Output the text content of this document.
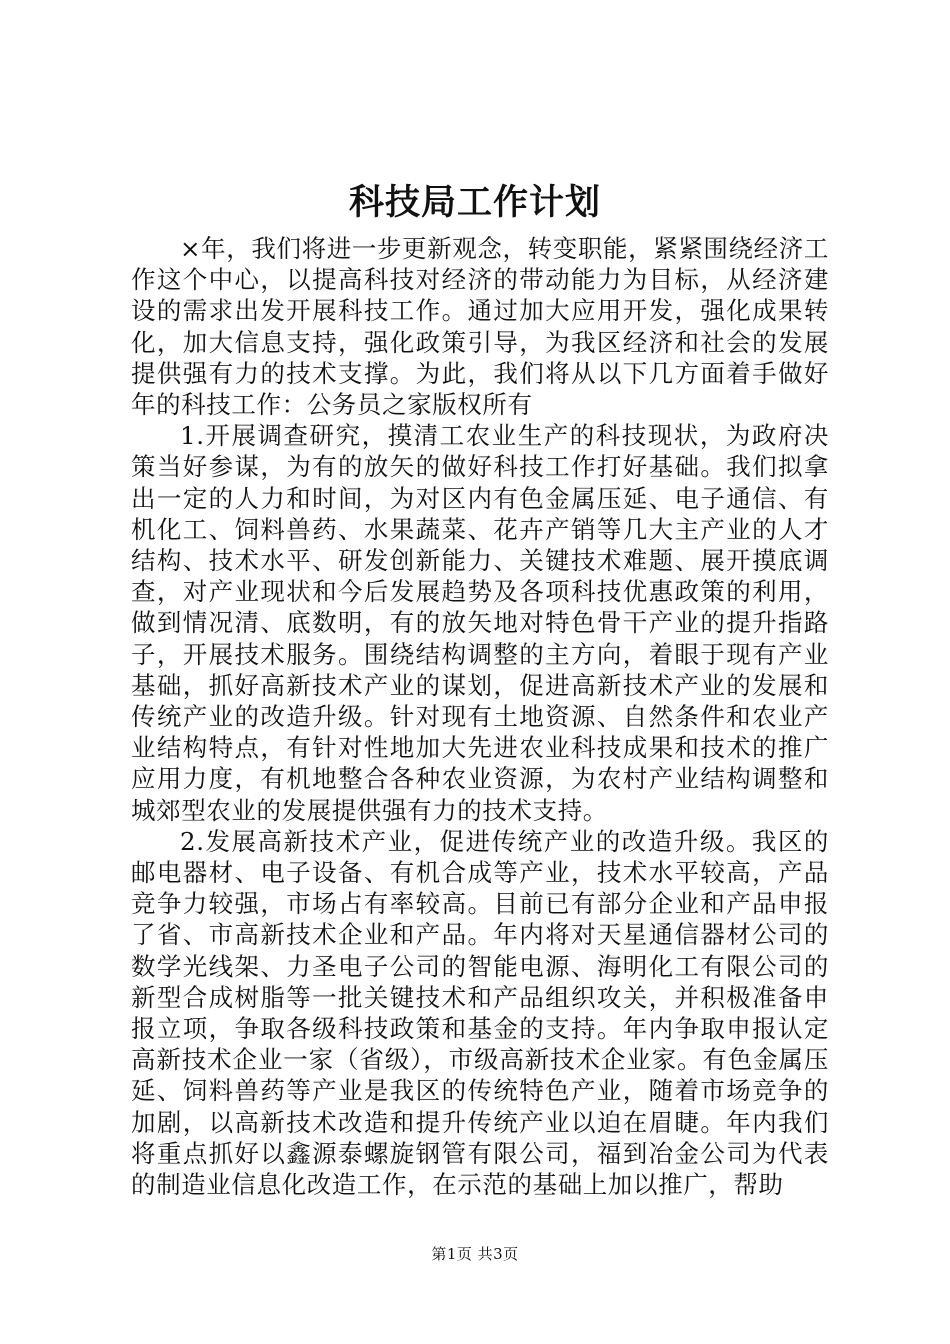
科技局工作计划

×年，我们将进一步更新观念，转变职能，紧紧围绕经济工作这个中心，以提高科技对经济的带动能力为目标，从经济建设的需求出发开展科技工作。通过加大应用开发，强化成果转化，加大信息支持，强化政策引导，为我区经济和社会的发展提供强有力的技术支撑。为此，我们将从以下几方面着手做好年的科技工作：公务员之家版权所有

1.开展调查研究，摸清工农业生产的科技现状，为政府决策当好参谋，为有的放矢的做好科技工作打好基础。我们拟拿出一定的人力和时间，为对区内有色金属压延、电子通信、有机化工、饲料兽药、水果蔬菜、花卉产销等几大主产业的人才结构、技术水平、研发创新能力、关键技术难题、展开摸底调查，对产业现状和今后发展趋势及各项科技优惠政策的利用，做到情况清、底数明，有的放矢地对特色骨干产业的提升指路子，开展技术服务。围绕结构调整的主方向，着眼于现有产业基础，抓好高新技术产业的谋划，促进高新技术产业的发展和传统产业的改造升级。针对现有土地资源、自然条件和农业产业结构特点，有针对性地加大先进农业科技成果和技术的推广应用力度，有机地整合各种农业资源，为农村产业结构调整和城郊型农业的发展提供强有力的技术支持。

2.发展高新技术产业，促进传统产业的改造升级。我区的邮电器材、电子设备、有机合成等产业，技术水平较高，产品竞争力较强，市场占有率较高。目前已有部分企业和产品申报了省、市高新技术企业和产品。年内将对天星通信器材公司的数学光线架、力圣电子公司的智能电源、海明化工有限公司的新型合成树脂等一批关键技术和产品组织攻关，并积极准备申报立项，争取各级科技政策和基金的支持。年内争取申报认定高新技术企业一家（省级），市级高新技术企业家。有色金属压延、饲料兽药等产业是我区的传统特色产业，随着市场竞争的加剧，以高新技术改造和提升传统产业以迫在眉睫。年内我们将重点抓好以鑫源泰螺旋钢管有限公司，福到冶金公司为代表的制造业信息化改造工作，在示范的基础上加以推广，帮助

第1页 共3页
